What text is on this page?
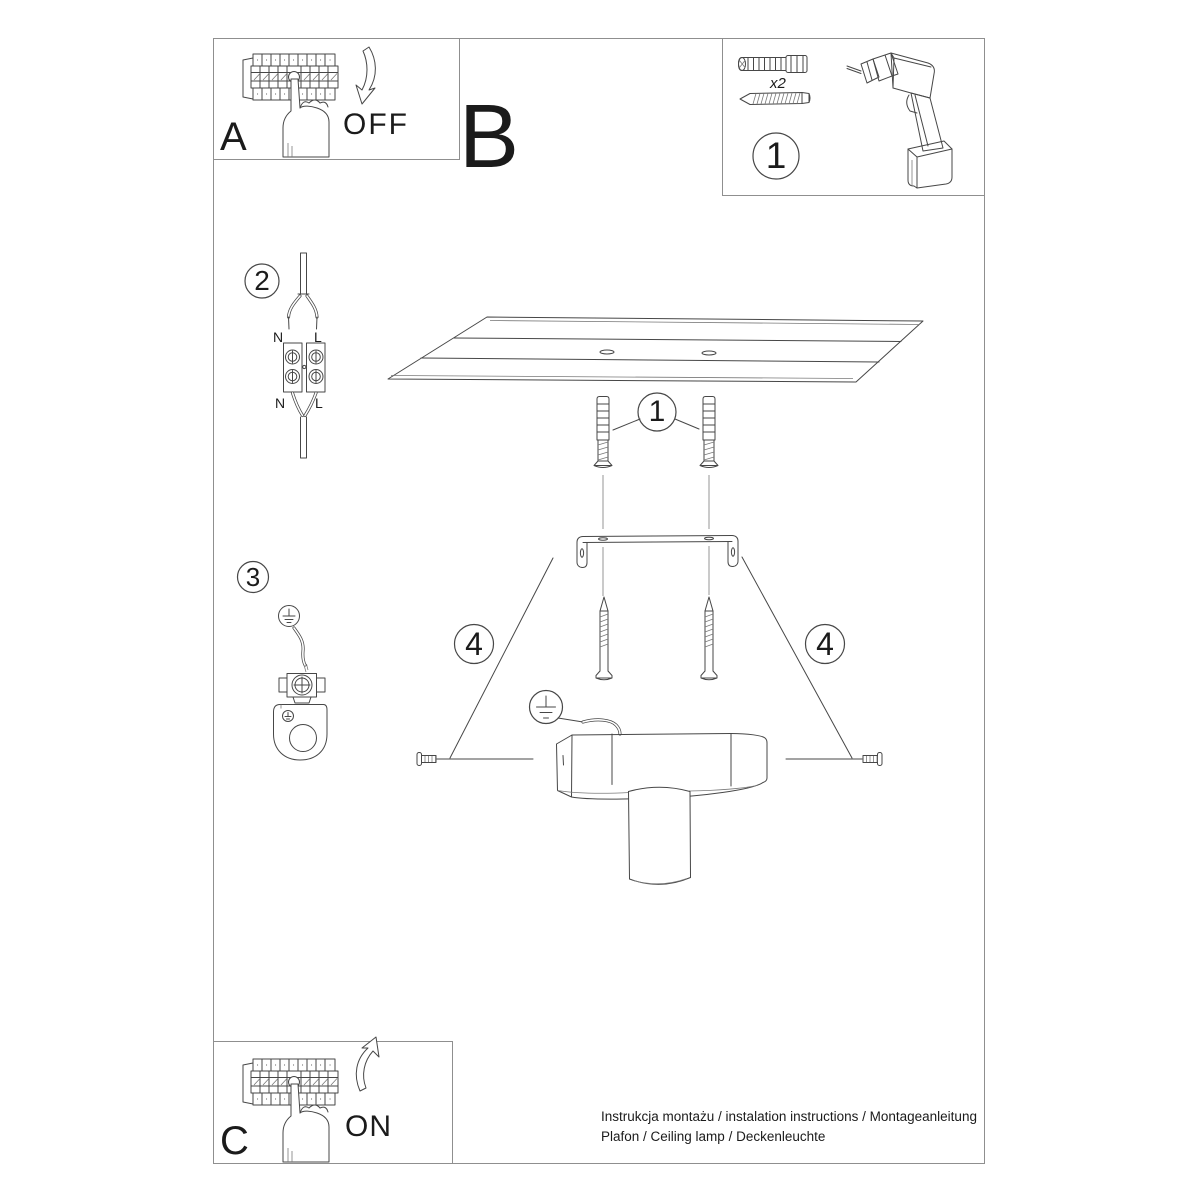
A	OFF B	1
x2
2
N L
N L
3
1
4	4
C	ON	Instrukcja montażu / instalation instructions / Montageanleitung
Plafon / Ceiling lamp / Deckenleuchte
